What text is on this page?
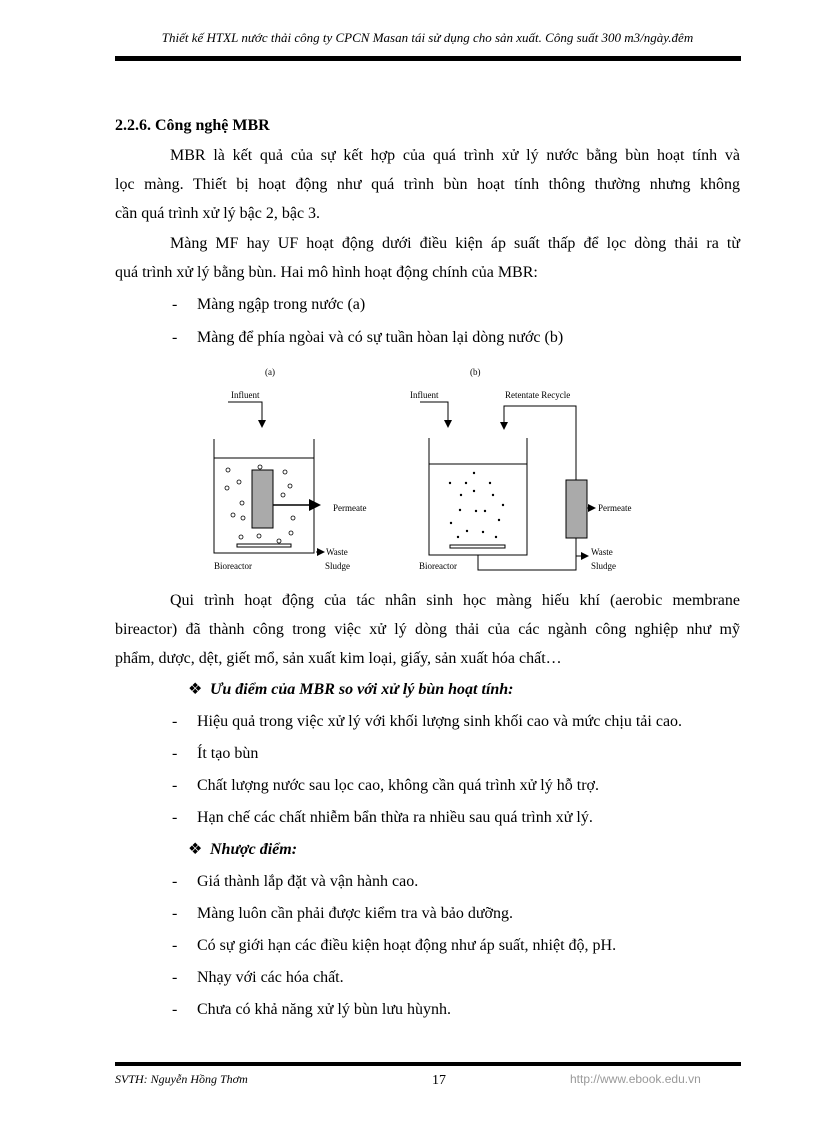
Thiết kế HTXL nước thải công ty CPCN Masan tái sử dụng cho sản xuất. Công suất 300 m3/ngày.đêm
2.2.6. Công nghệ MBR
MBR là kết quả của sự kết hợp của quá trình xử lý nước bằng bùn hoạt tính và
lọc màng. Thiết bị hoạt động như quá trình bùn hoạt tính thông thường nhưng không
cần quá trình xử lý bậc 2, bậc 3.
Màng MF hay UF hoạt động dưới điều kiện áp suất thấp để lọc dòng thải ra từ
quá trình xử lý bằng bùn. Hai mô hình hoạt động chính của MBR:
- Màng ngập trong nước (a)
- Màng để phía ngòai và có sự tuần hòan lại dòng nước (b)
(a)
Influent
Permeate
Waste
Sludge
Bioreactor
(b)
Influent	Retentate Recycle
Permeate
Waste
Sludge
Bioreactor
Qui trình hoạt động của tác nhân sinh học màng hiếu khí (aerobic membrane
bireactor) đã thành công trong việc xử lý dòng thải của các ngành công nghiệp như mỹ
phẩm, dược, dệt, giết mổ, sản xuất kim loại, giấy, sản xuất hóa chất…
❖ Ưu điểm của MBR so với xử lý bùn hoạt tính:
- Hiệu quả trong việc xử lý với khối lượng sinh khối cao và mức chịu tải cao.
- Ít tạo bùn
- Chất lượng nước sau lọc cao, không cần quá trình xử lý hỗ trợ.
- Hạn chế các chất nhiễm bẩn thừa ra nhiều sau quá trình xử lý.
❖ Nhược điểm:
- Giá thành lắp đặt và vận hành cao.
- Màng luôn cần phải được kiểm tra và bảo dưỡng.
- Có sự giới hạn các điều kiện hoạt động như áp suất, nhiệt độ, pH.
- Nhạy với các hóa chất.
- Chưa có khả năng xử lý bùn lưu hùynh.
SVTH: Nguyễn Hồng Thơm	17	http://www.ebook.edu.vn
